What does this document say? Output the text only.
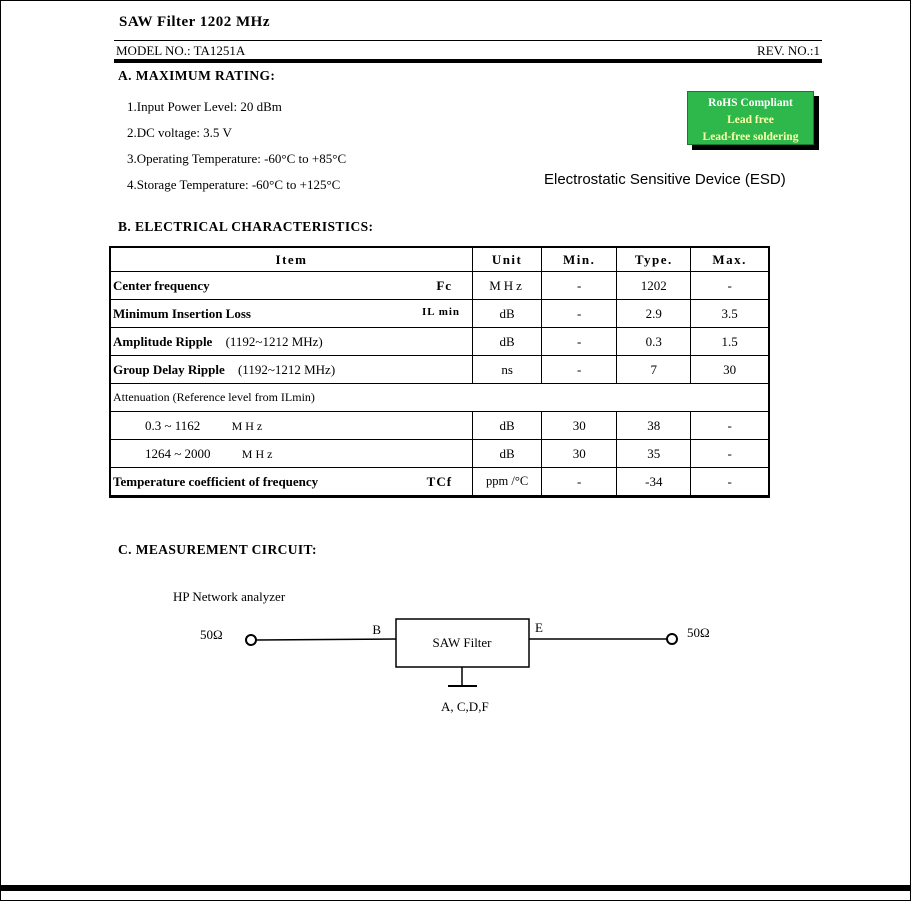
SAW Filter 1202 MHz
MODEL NO.: TA1251A	REV. NO.:1
A. MAXIMUM RATING:
1.Input Power Level: 20 dBm
2.DC voltage: 3.5 V
3.Operating Temperature: -60°C to +85°C
4.Storage Temperature: -60°C to +125°C
RoHS Compliant
Lead free
Lead-free soldering
Electrostatic Sensitive Device (ESD)
B. ELECTRICAL CHARACTERISTICS:
Item	Unit	Min.	Type.	Max.

Fc
Center frequency	MHz	-	1202	-

IL min
Minimum Insertion Loss	dB	-	2.9	3.5
Amplitude Ripple (1192~1212 MHz)	dB	-	0.3	1.5
Group Delay Ripple (1192~1212 MHz)	ns	-	7	30
Attenuation (Reference level from ILmin)				
0.3 ~ 1162 MHz	dB	30	38	-
1264 ~ 2000 MHz	dB	30	35	-

TCf
Temperature coefficient of frequency	ppm /°C	-	-34	-
C. MEASUREMENT CIRCUIT:
HP Network analyzer
50Ω	B
SAW Filter
E	50Ω
A, C,D,F
